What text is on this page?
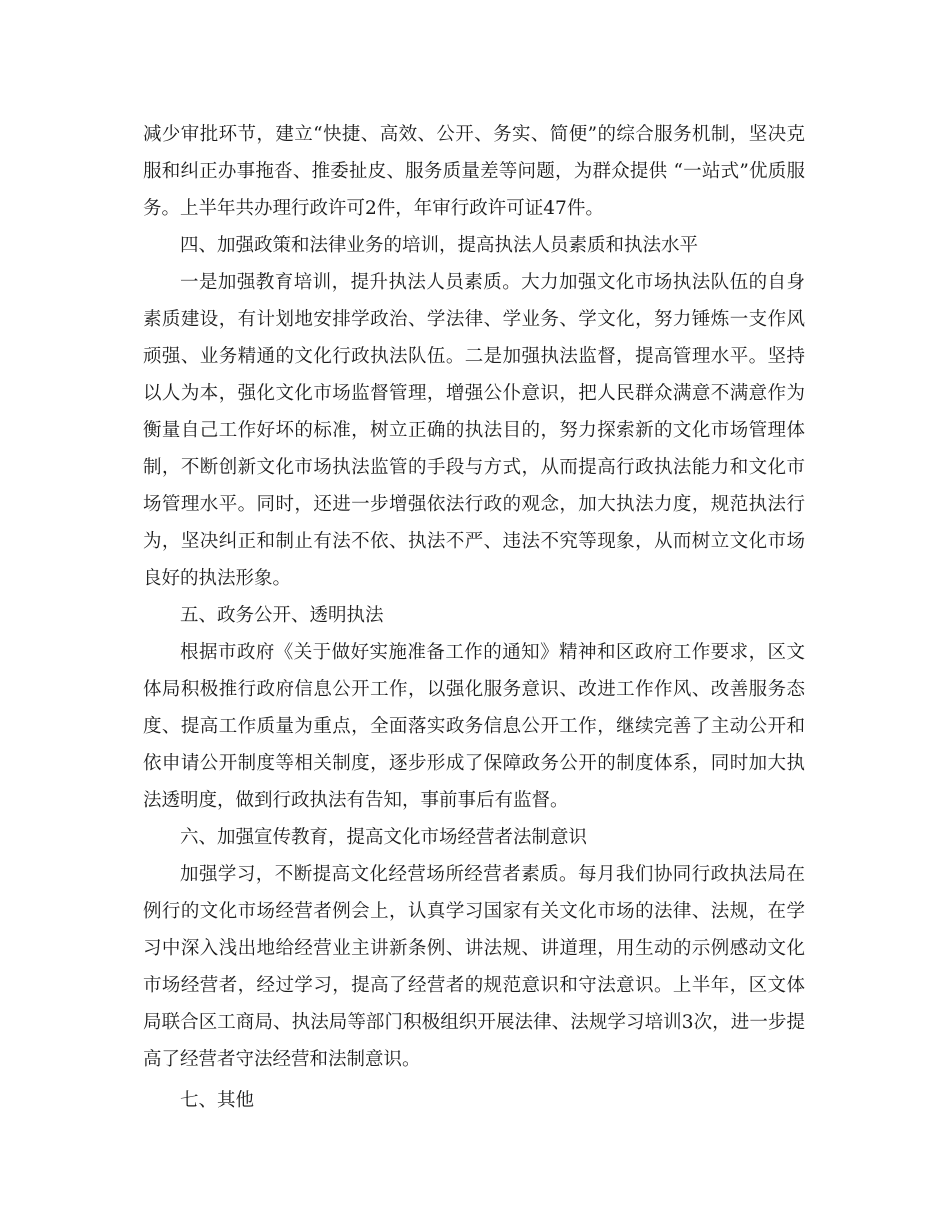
减少审批环节，建立“快捷、高效、公开、务实、简便”的综合服务机制，坚决克服和纠正办事拖沓、推委扯皮、服务质量差等问题，为群众提供 “一站式”优质服务。上半年共办理行政许可2件，年审行政许可证47件。

四、加强政策和法律业务的培训，提高执法人员素质和执法水平

一是加强教育培训，提升执法人员素质。大力加强文化市场执法队伍的自身素质建设，有计划地安排学政治、学法律、学业务、学文化，努力锤炼一支作风顽强、业务精通的文化行政执法队伍。二是加强执法监督，提高管理水平。坚持以人为本，强化文化市场监督管理，增强公仆意识，把人民群众满意不满意作为衡量自己工作好坏的标准，树立正确的执法目的，努力探索新的文化市场管理体制，不断创新文化市场执法监管的手段与方式，从而提高行政执法能力和文化市场管理水平。同时，还进一步增强依法行政的观念，加大执法力度，规范执法行为，坚决纠正和制止有法不依、执法不严、违法不究等现象，从而树立文化市场良好的执法形象。

五、政务公开、透明执法

根据市政府《关于做好实施准备工作的通知》精神和区政府工作要求，区文体局积极推行政府信息公开工作，以强化服务意识、改进工作作风、改善服务态度、提高工作质量为重点，全面落实政务信息公开工作，继续完善了主动公开和依申请公开制度等相关制度，逐步形成了保障政务公开的制度体系，同时加大执法透明度，做到行政执法有告知，事前事后有监督。

六、加强宣传教育，提高文化市场经营者法制意识

加强学习，不断提高文化经营场所经营者素质。每月我们协同行政执法局在例行的文化市场经营者例会上，认真学习国家有关文化市场的法律、法规，在学习中深入浅出地给经营业主讲新条例、讲法规、讲道理，用生动的示例感动文化市场经营者，经过学习，提高了经营者的规范意识和守法意识。上半年，区文体局联合区工商局、执法局等部门积极组织开展法律、法规学习培训3次，进一步提高了经营者守法经营和法制意识。

七、其他
